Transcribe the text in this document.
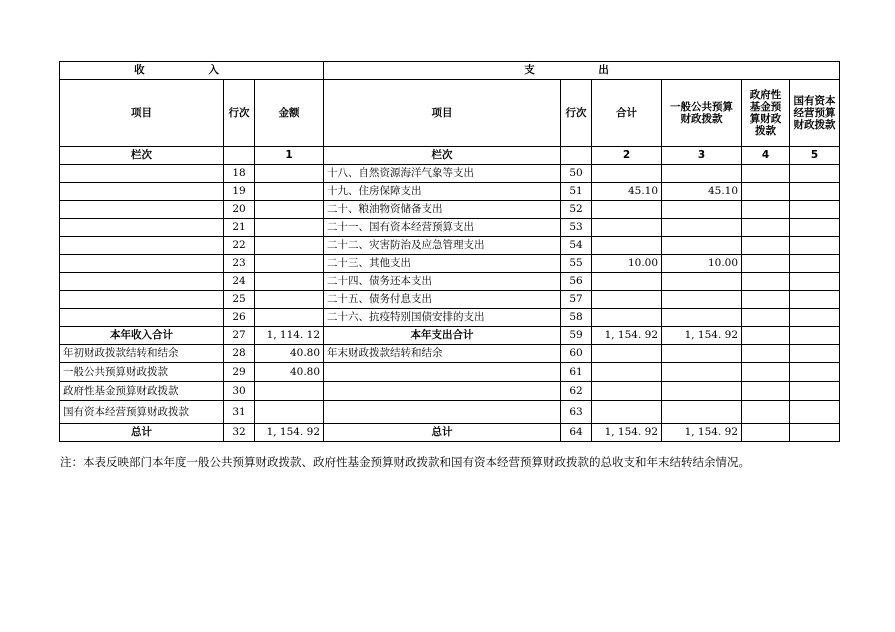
收 入			支 出					
项目	行次	金额	项目	行次	合计	一般公共预算财政拨款	政府性基金预算财政拨款	国有资本经营预算财政拨款
栏次		1	栏次		2	3	4	5
	18		十八、自然资源海洋气象等支出	50				
	19		十九、住房保障支出	51	45.10	45.10		
	20		二十、粮油物资储备支出	52				
	21		二十一、国有资本经营预算支出	53				
	22		二十二、灾害防治及应急管理支出	54				
	23		二十三、其他支出	55	10.00	10.00		
	24		二十四、债务还本支出	56				
	25		二十五、债务付息支出	57				
	26		二十六、抗疫特别国债安排的支出	58				
本年收入合计	27	1, 114. 12	本年支出合计	59	1, 154. 92	1, 154. 92		
年初财政拨款结转和结余	28	40.80	年末财政拨款结转和结余	60				
一般公共预算财政拨款	29	40.80		61				
政府性基金预算财政拨款	30			62				
国有资本经营预算财政拨款	31			63				
总计	32	1, 154. 92	总计	64	1, 154. 92	1, 154. 92		
注：本表反映部门本年度一般公共预算财政拨款、政府性基金预算财政拨款和国有资本经营预算财政拨款的总收支和年末结转结余情况。
